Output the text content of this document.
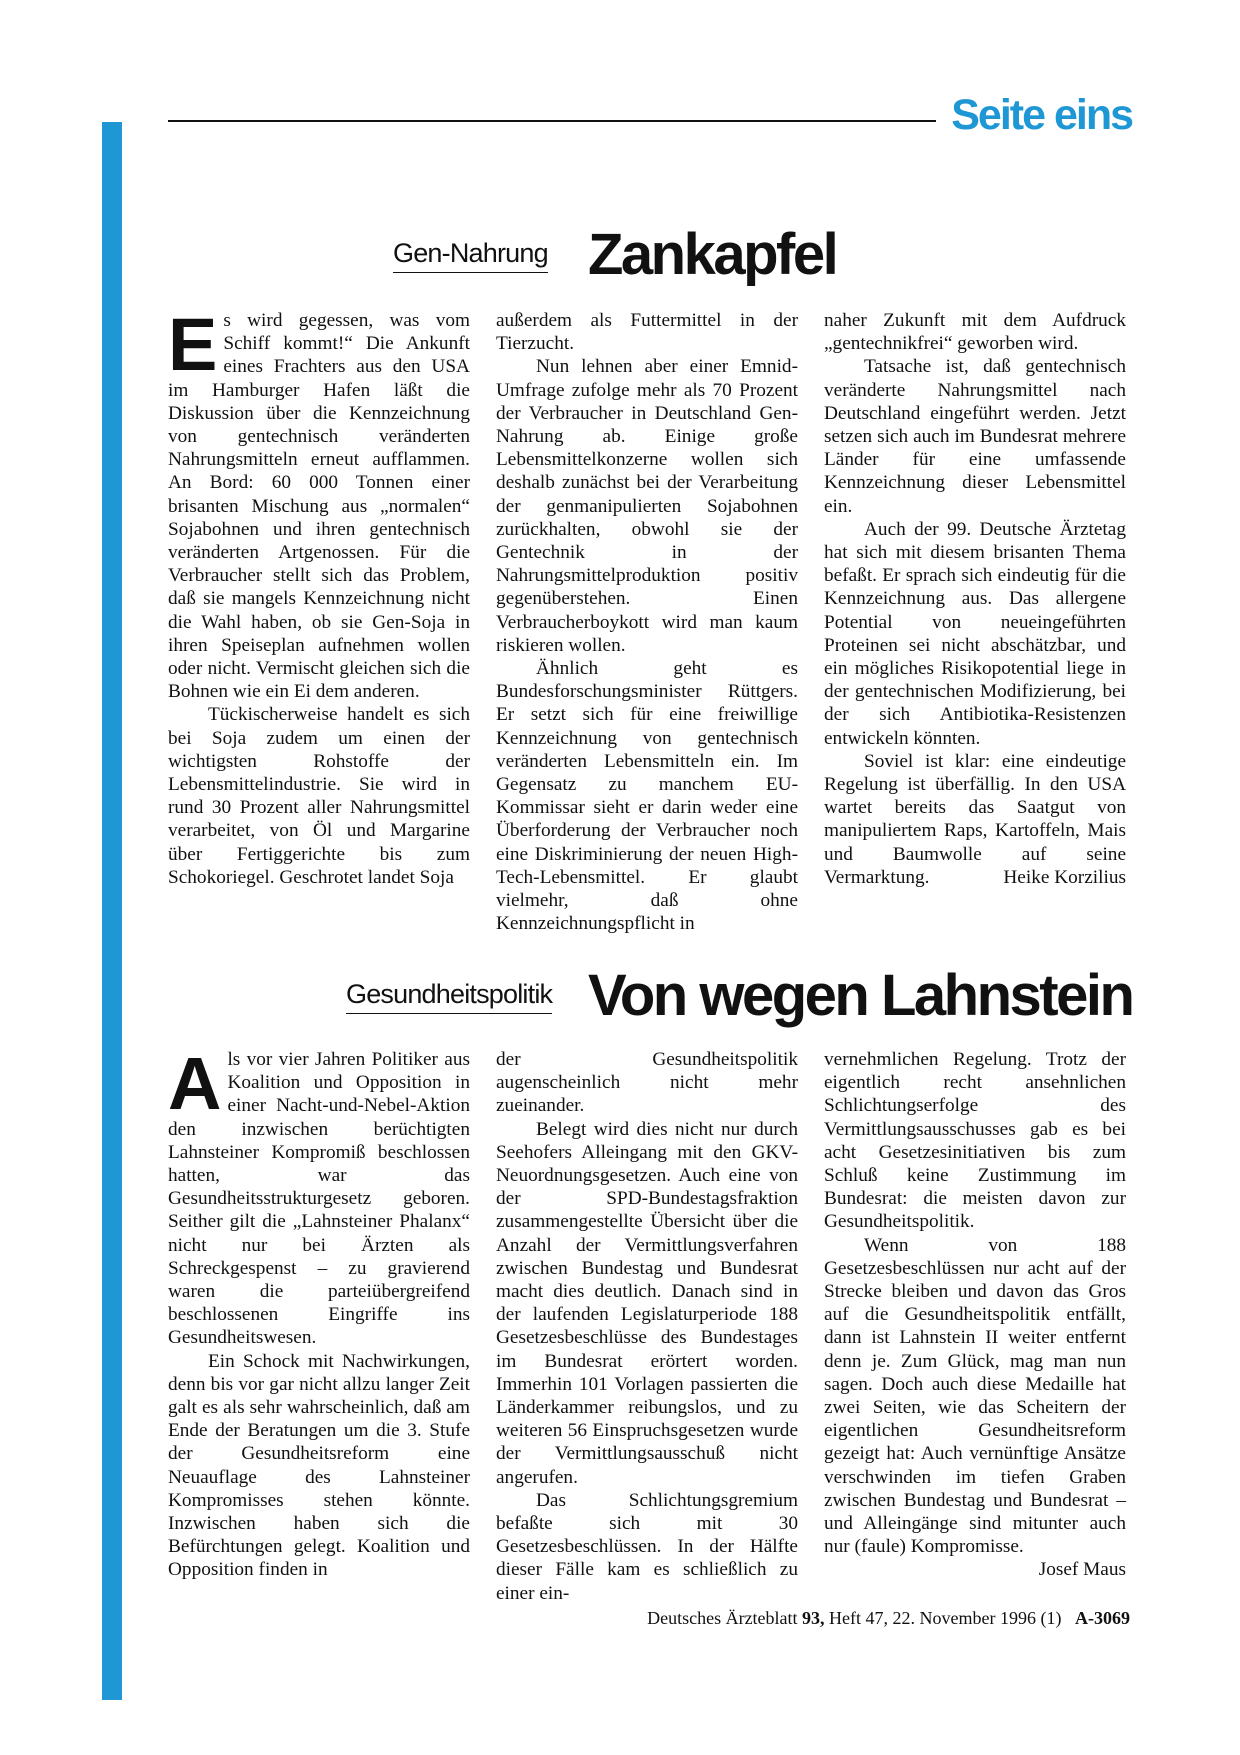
Seite eins
Gen-Nahrung Zankapfel

Es wird gegessen, was vom Schiff kommt!“ Die Ankunft eines Frachters aus den USA im Hamburger Hafen läßt die Diskussion über die Kennzeichnung von gentechnisch veränderten Nahrungsmitteln erneut aufflammen. An Bord: 60 000 Tonnen einer brisanten Mischung aus „normalen“ Sojabohnen und ihren gentechnisch veränderten Artgenossen. Für die Verbraucher stellt sich das Problem, daß sie mangels Kennzeichnung nicht die Wahl haben, ob sie Gen-Soja in ihren Speiseplan aufnehmen wollen oder nicht. Vermischt gleichen sich die Bohnen wie ein Ei dem anderen.

Tückischerweise handelt es sich bei Soja zudem um einen der wichtigsten Rohstoffe der Lebensmittelindustrie. Sie wird in rund 30 Prozent aller Nahrungsmittel verarbeitet, von Öl und Margarine über Fertiggerichte bis zum Schokoriegel. Geschrotet landet Soja

außerdem als Futtermittel in der Tierzucht.

Nun lehnen aber einer Emnid-Umfrage zufolge mehr als 70 Prozent der Verbraucher in Deutschland Gen-Nahrung ab. Einige große Lebensmittelkonzerne wollen sich deshalb zunächst bei der Verarbeitung der genmanipulierten Sojabohnen zurückhalten, obwohl sie der Gentechnik in der Nahrungsmittelproduktion positiv gegenüberstehen. Einen Verbraucherboykott wird man kaum riskieren wollen.

Ähnlich geht es Bundesforschungsminister Rüttgers. Er setzt sich für eine freiwillige Kennzeichnung von gentechnisch veränderten Lebensmitteln ein. Im Gegensatz zu manchem EU-Kommissar sieht er darin weder eine Überforderung der Verbraucher noch eine Diskriminierung der neuen High-Tech-Lebensmittel. Er glaubt vielmehr, daß ohne Kennzeichnungspflicht in

naher Zukunft mit dem Aufdruck „gentechnikfrei“ geworben wird.

Tatsache ist, daß gentechnisch veränderte Nahrungsmittel nach Deutschland eingeführt werden. Jetzt setzen sich auch im Bundesrat mehrere Länder für eine umfassende Kennzeichnung dieser Lebensmittel ein.

Auch der 99. Deutsche Ärztetag hat sich mit diesem brisanten Thema befaßt. Er sprach sich eindeutig für die Kennzeichnung aus. Das allergene Potential von neueingeführten Proteinen sei nicht abschätzbar, und ein mögliches Risikopotential liege in der gentechnischen Modifizierung, bei der sich Antibiotika-Resistenzen entwickeln könnten.

Soviel ist klar: eine eindeutige Regelung ist überfällig. In den USA wartet bereits das Saatgut von manipuliertem Raps, Kartoffeln, Mais und Baumwolle auf seine Vermarktung.	Heike Korzilius

Gesundheitspolitik Von wegen Lahnstein

Als vor vier Jahren Politiker aus Koalition und Opposition in einer Nacht-und-Nebel-Aktion den inzwischen berüchtigten Lahnsteiner Kompromiß beschlossen hatten, war das Gesundheitsstrukturgesetz geboren. Seither gilt die „Lahnsteiner Phalanx“ nicht nur bei Ärzten als Schreckgespenst – zu gravierend waren die parteiübergreifend beschlossenen Eingriffe ins Gesundheitswesen.

Ein Schock mit Nachwirkungen, denn bis vor gar nicht allzu langer Zeit galt es als sehr wahrscheinlich, daß am Ende der Beratungen um die 3. Stufe der Gesundheitsreform eine Neuauflage des Lahnsteiner Kompromisses stehen könnte. Inzwischen haben sich die Befürchtungen gelegt. Koalition und Opposition finden in

der Gesundheitspolitik augenscheinlich nicht mehr zueinander.

Belegt wird dies nicht nur durch Seehofers Alleingang mit den GKV-Neuordnungsgesetzen. Auch eine von der SPD-Bundestagsfraktion zusammengestellte Übersicht über die Anzahl der Vermittlungsverfahren zwischen Bundestag und Bundesrat macht dies deutlich. Danach sind in der laufenden Legislaturperiode 188 Gesetzesbeschlüsse des Bundestages im Bundesrat erörtert worden. Immerhin 101 Vorlagen passierten die Länderkammer reibungslos, und zu weiteren 56 Einspruchsgesetzen wurde der Vermittlungsausschuß nicht angerufen.

Das Schlichtungsgremium befaßte sich mit 30 Gesetzesbeschlüssen. In der Hälfte dieser Fälle kam es schließlich zu einer ein-

vernehmlichen Regelung. Trotz der eigentlich recht ansehnlichen Schlichtungserfolge des Vermittlungsausschusses gab es bei acht Gesetzesinitiativen bis zum Schluß keine Zustimmung im Bundesrat: die meisten davon zur Gesundheitspolitik.

Wenn von 188 Gesetzesbeschlüssen nur acht auf der Strecke bleiben und davon das Gros auf die Gesundheitspolitik entfällt, dann ist Lahnstein II weiter entfernt denn je. Zum Glück, mag man nun sagen. Doch auch diese Medaille hat zwei Seiten, wie das Scheitern der eigentlichen Gesundheitsreform gezeigt hat: Auch vernünftige Ansätze verschwinden im tiefen Graben zwischen Bundestag und Bundesrat – und Alleingänge sind mitunter auch nur (faule) Kompromisse.
Josef Maus

Deutsches Ärzteblatt 93, Heft 47, 22. November 1996 (1) A-3069
